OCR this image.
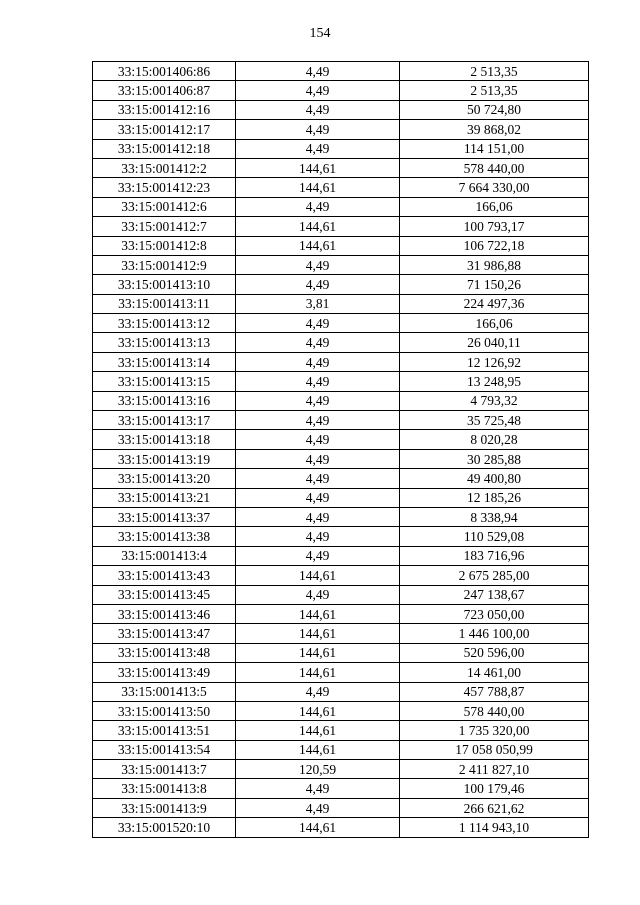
154
33:15:001406:86	4,49	2 513,35
33:15:001406:87	4,49	2 513,35
33:15:001412:16	4,49	50 724,80
33:15:001412:17	4,49	39 868,02
33:15:001412:18	4,49	114 151,00
33:15:001412:2	144,61	578 440,00
33:15:001412:23	144,61	7 664 330,00
33:15:001412:6	4,49	166,06
33:15:001412:7	144,61	100 793,17
33:15:001412:8	144,61	106 722,18
33:15:001412:9	4,49	31 986,88
33:15:001413:10	4,49	71 150,26
33:15:001413:11	3,81	224 497,36
33:15:001413:12	4,49	166,06
33:15:001413:13	4,49	26 040,11
33:15:001413:14	4,49	12 126,92
33:15:001413:15	4,49	13 248,95
33:15:001413:16	4,49	4 793,32
33:15:001413:17	4,49	35 725,48
33:15:001413:18	4,49	8 020,28
33:15:001413:19	4,49	30 285,88
33:15:001413:20	4,49	49 400,80
33:15:001413:21	4,49	12 185,26
33:15:001413:37	4,49	8 338,94
33:15:001413:38	4,49	110 529,08
33:15:001413:4	4,49	183 716,96
33:15:001413:43	144,61	2 675 285,00
33:15:001413:45	4,49	247 138,67
33:15:001413:46	144,61	723 050,00
33:15:001413:47	144,61	1 446 100,00
33:15:001413:48	144,61	520 596,00
33:15:001413:49	144,61	14 461,00
33:15:001413:5	4,49	457 788,87
33:15:001413:50	144,61	578 440,00
33:15:001413:51	144,61	1 735 320,00
33:15:001413:54	144,61	17 058 050,99
33:15:001413:7	120,59	2 411 827,10
33:15:001413:8	4,49	100 179,46
33:15:001413:9	4,49	266 621,62
33:15:001520:10	144,61	1 114 943,10
